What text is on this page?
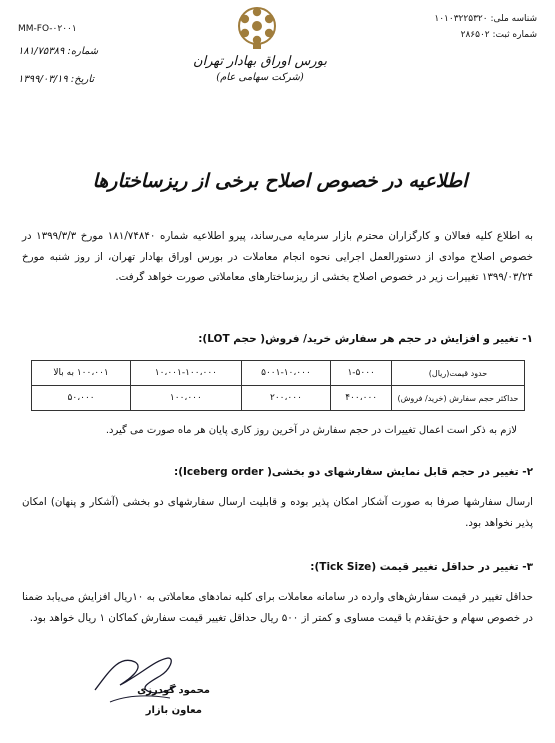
شناسه ملی: ۱۰۱۰۳۲۲۵۳۲۰
شماره ثبت: ۲۸۶۵۰۲
MM-FO-۰۲۰۰۱
شماره: ۱۸۱/۷۵۳۸۹
تاریخ: ۱۳۹۹/۰۳/۱۹
بورس اوراق بهادار تهران
(شرکت سهامی عام)
اطلاعیه در خصوص اصلاح برخی از ریزساختارها
به اطلاع کلیه فعالان و کارگزاران محترم بازار سرمایه می‌رساند، پیرو اطلاعیه شماره ۱۸۱/۷۴۸۴۰ مورخ ۱۳۹۹/۳/۳ در خصوص اصلاح موادی از دستورالعمل اجرایی نحوه انجام معاملات در بورس اوراق بهادار تهران، از روز شنبه مورخ ۱۳۹۹/۰۳/۲۴ تغییرات زیر در خصوص اصلاح بخشی از ریزساختارهای معاملاتی صورت خواهد گرفت.
۱- تغییر و افزایش در حجم هر سفارش خرید/ فروش( حجم LOT):
حدود قیمت(ریال)	۱-۵۰۰۰	۵۰۰۱-۱۰،۰۰۰	۱۰،۰۰۱-۱۰۰،۰۰۰	۱۰۰،۰۰۱ به بالا
حداکثر حجم سفارش (خرید/ فروش)	۴۰۰،۰۰۰	۲۰۰،۰۰۰	۱۰۰،۰۰۰	۵۰،۰۰۰
لازم به ذکر است اعمال تغییرات در حجم سفارش در آخرین روز کاری پایان هر ماه صورت می گیرد.
۲- تغییر در حجم قابل نمایش سفارشهای دو بخشی( Iceberg order):
ارسال سفارشها صرفا به صورت آشکار امکان پذیر بوده و قابلیت ارسال سفارشهای دو بخشی (آشکار و پنهان) امکان پذیر نخواهد بود.
۳- تغییر در حداقل تغییر قیمت (Tick Size):
حداقل تغییر در قیمت سفارش‌های وارده در سامانه معاملات برای کلیه نمادهای معاملاتی به ۱۰ریال افزایش می‌یابد ضمنا در خصوص سهام و حق‌تقدم با قیمت مساوی و کمتر از ۵۰۰ ریال حداقل تغییر قیمت سفارش کماکان ۱ ریال خواهد بود.
محمود گودرزی
معاون بازار
